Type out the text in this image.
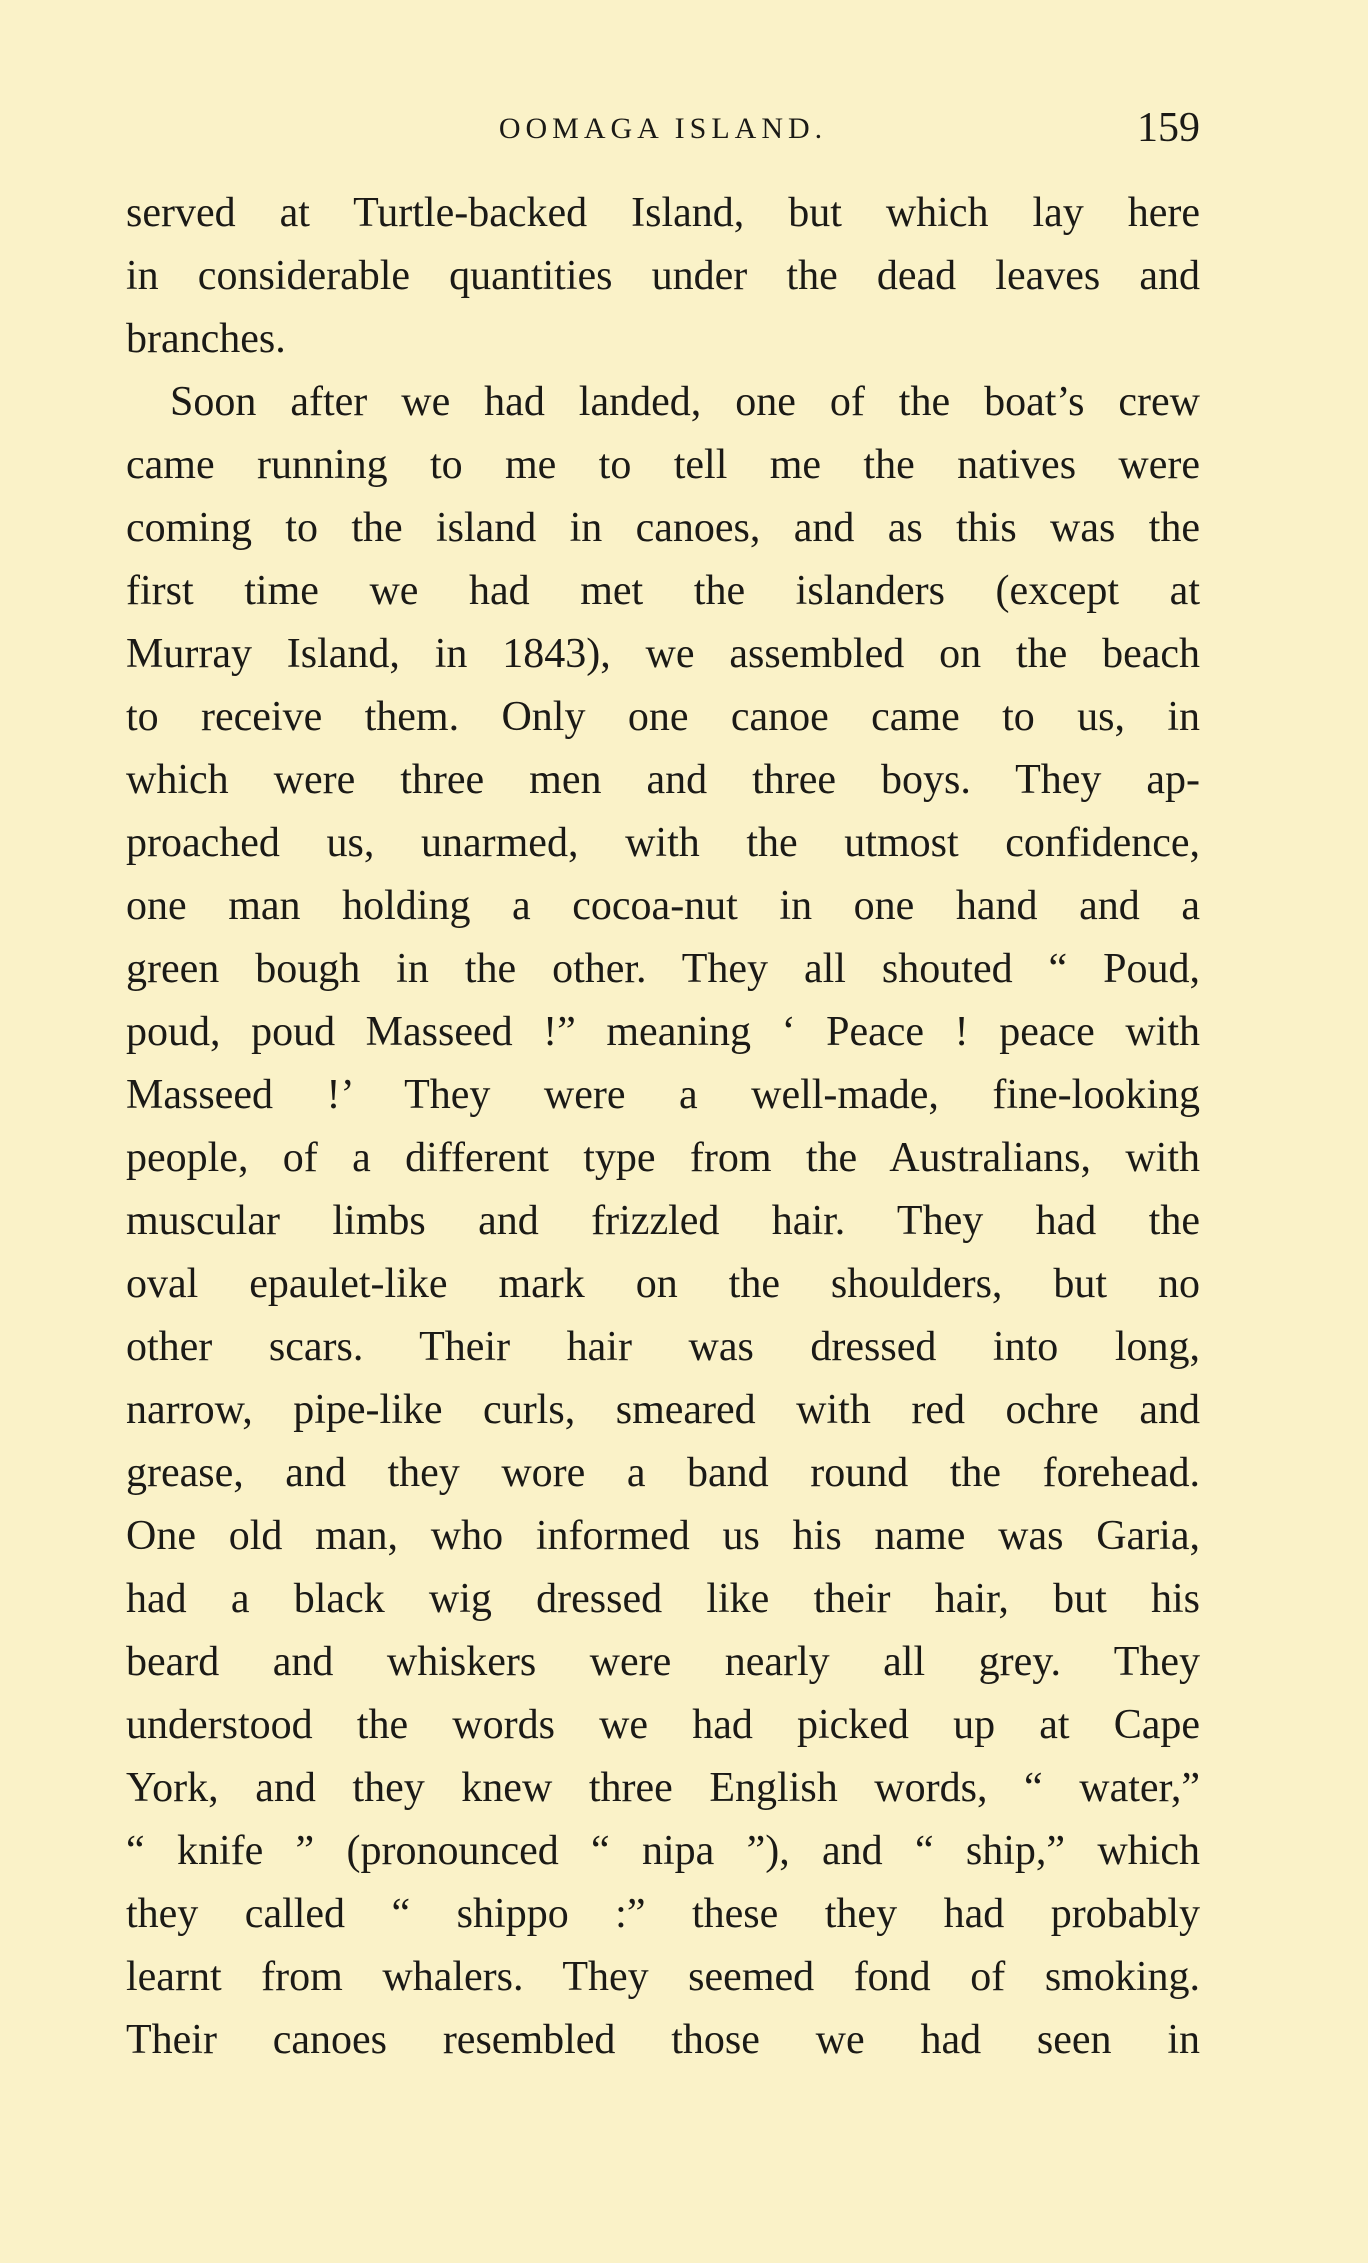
OOMAGA ISLAND.	159
served at Turtle-backed Island, but which lay here
in considerable quantities under the dead leaves and
branches.
Soon after we had landed, one of the boat’s crew
came running to me to tell me the natives were
coming to the island in canoes, and as this was the
first time we had met the islanders (except at
Murray Island, in 1843), we assembled on the beach
to receive them. Only one canoe came to us, in
which were three men and three boys. They ap-
proached us, unarmed, with the utmost confidence,
one man holding a cocoa-nut in one hand and a
green bough in the other. They all shouted “ Poud,
poud, poud Masseed !” meaning ‘ Peace ! peace with
Masseed !’ They were a well-made, fine-looking
people, of a different type from the Australians, with
muscular limbs and frizzled hair. They had the
oval epaulet-like mark on the shoulders, but no
other scars. Their hair was dressed into long,
narrow, pipe-like curls, smeared with red ochre and
grease, and they wore a band round the forehead.
One old man, who informed us his name was Garia,
had a black wig dressed like their hair, but his
beard and whiskers were nearly all grey. They
understood the words we had picked up at Cape
York, and they knew three English words, “ water,”
“ knife ” (pronounced “ nipa ”), and “ ship,” which
they called “ shippo :” these they had probably
learnt from whalers. They seemed fond of smoking.
Their canoes resembled those we had seen in
